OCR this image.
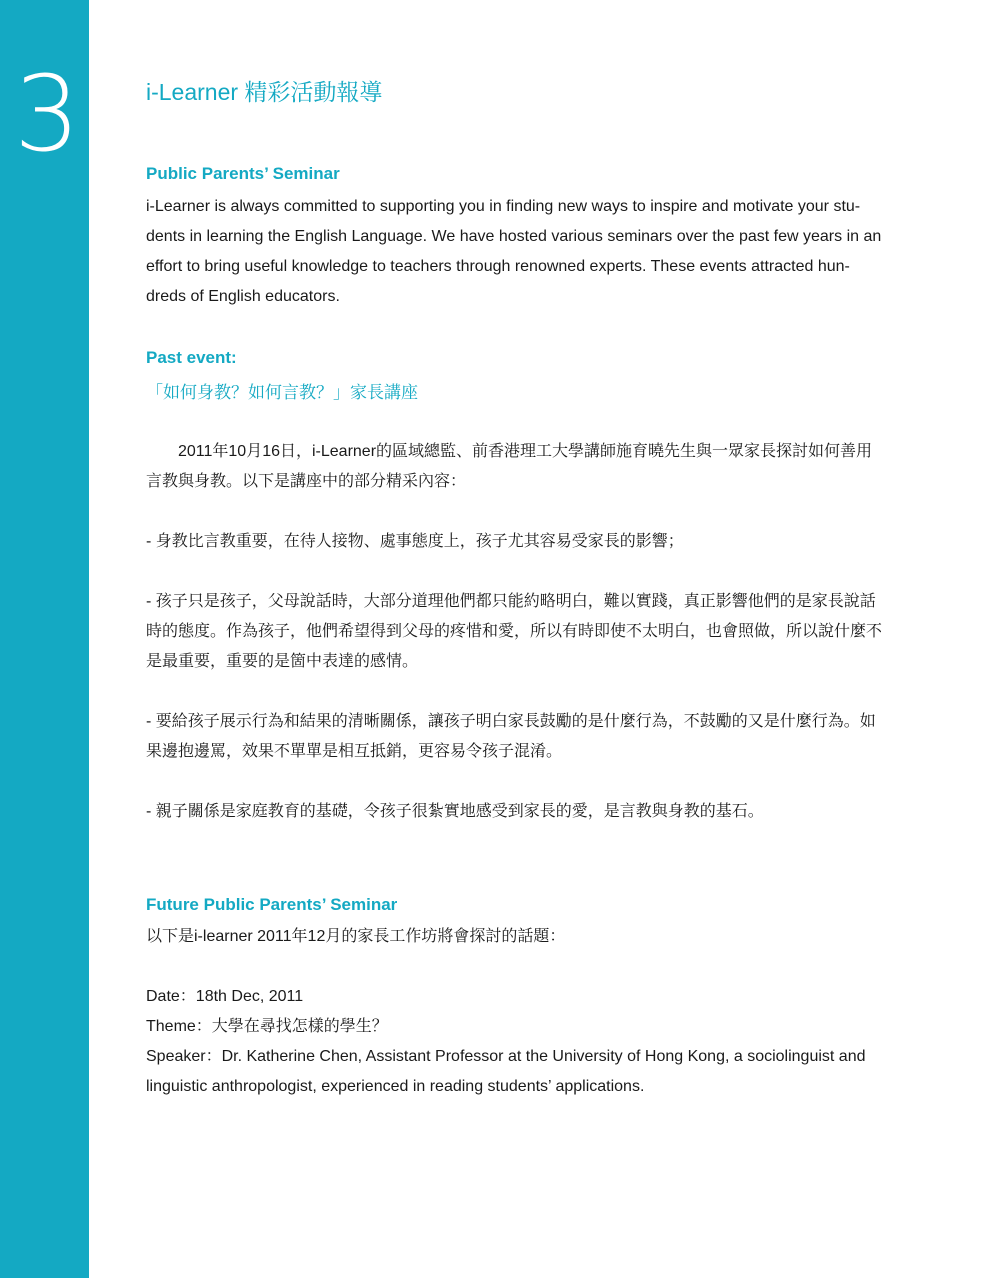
3	i-Learner 精彩活動報導
Public Parents’ Seminar

i-Learner is always committed to supporting you in finding new ways to inspire and motivate your stu-
dents in learning the English Language. We have hosted various seminars over the past few years in an
effort to bring useful knowledge to teachers through renowned experts. These events attracted hun-
dreds of English educators.

Past event:
「如何身教？如何言教？」家長講座

2011年10月16日，i-Learner的區域總監、前香港理工大學講師施育曉先生與一眾家長探討如何善用
言教與身教。以下是講座中的部分精采內容：

- 身教比言教重要，在待人接物、處事態度上，孩子尤其容易受家長的影響；

- 孩子只是孩子，父母說話時，大部分道理他們都只能約略明白，難以實踐，真正影響他們的是家長說話
時的態度。作為孩子，他們希望得到父母的疼惜和愛，所以有時即使不太明白，也會照做，所以說什麼不
是最重要，重要的是箇中表達的感情。

- 要給孩子展示行為和結果的清晰關係，讓孩子明白家長鼓勵的是什麼行為，不鼓勵的又是什麼行為。如
果邊抱邊罵，效果不單單是相互抵銷，更容易令孩子混淆。

- 親子關係是家庭教育的基礎，令孩子很紮實地感受到家長的愛，是言教與身教的基石。

Future Public Parents’ Seminar

以下是i-learner 2011年12月的家長工作坊將會探討的話題：

Date：18th Dec, 2011
Theme：大學在尋找怎樣的學生？
Speaker：Dr. Katherine Chen, Assistant Professor at the University of Hong Kong, a sociolinguist and
linguistic anthropologist, experienced in reading students’ applications.
